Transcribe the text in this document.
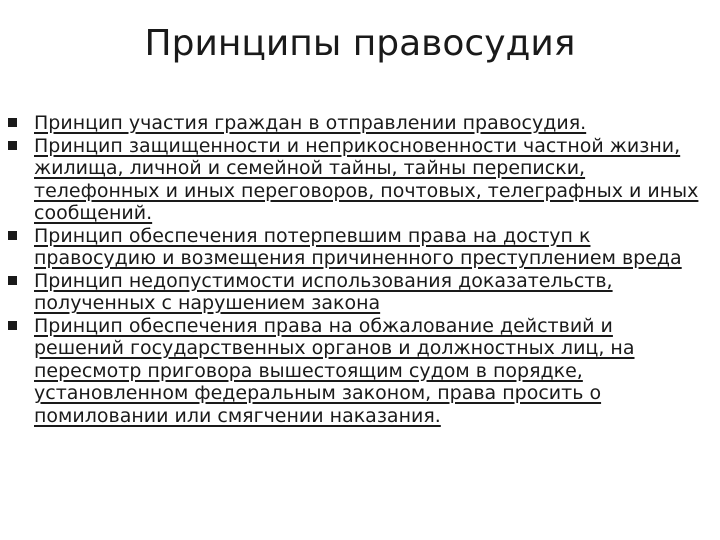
Принципы правосудия
Принцип участия граждан в отправлении правосудия.
Принцип защищенности и неприкосновенности частной жизни, жилища, личной и семейной тайны, тайны переписки, телефонных и иных переговоров, почтовых, телеграфных и иных сообщений.
Принцип обеспечения потерпевшим права на доступ к правосудию и возмещения причиненного преступлением вреда
Принцип недопустимости использования доказательств, полученных с нарушением закона
Принцип обеспечения права на обжалование действий и решений государственных органов и должностных лиц, на пересмотр приговора вышестоящим судом в порядке, установленном федеральным законом, права просить о помиловании или смягчении наказания.
